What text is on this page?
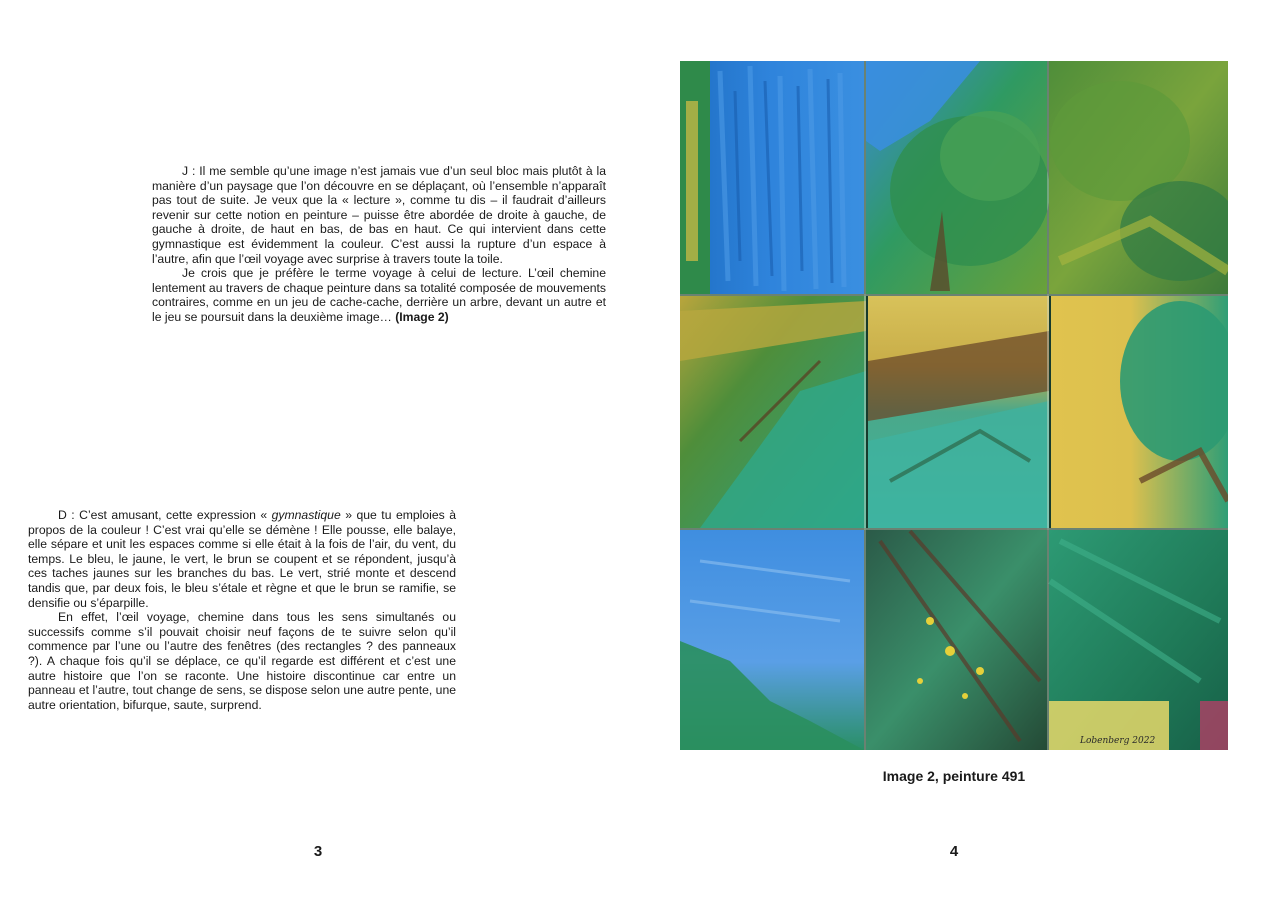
J : Il me semble qu’une image n’est jamais vue d’un seul bloc mais plutôt à la manière d’un paysage que l’on découvre en se déplaçant, où l’ensemble n’apparaît pas tout de suite. Je veux que la « lecture », comme tu dis – il faudrait d’ailleurs revenir sur cette notion en peinture – puisse être abordée de droite à gauche, de gauche à droite, de haut en bas, de bas en haut. Ce qui intervient dans cette gymnastique est évidemment la couleur. C’est aussi la rupture d’un espace à l’autre, afin que l’œil voyage avec surprise à travers toute la toile.

Je crois que je préfère le terme voyage à celui de lecture. L’œil chemine lentement au travers de chaque peinture dans sa totalité composée de mouvements contraires, comme en un jeu de cache-cache, derrière un arbre, devant un autre et le jeu se poursuit dans la deuxième image… (Image 2)

D : C’est amusant, cette expression « gymnastique » que tu emploies à propos de la couleur ! C’est vrai qu’elle se démène ! Elle pousse, elle balaye, elle sépare et unit les espaces comme si elle était à la fois de l’air, du vent, du temps. Le bleu, le jaune, le vert, le brun se coupent et se répondent, jusqu’à ces taches jaunes sur les branches du bas. Le vert, strié monte et descend tandis que, par deux fois, le bleu s’étale et règne et que le brun se ramifie, se densifie ou s’éparpille.

En effet, l’œil voyage, chemine dans tous les sens simultanés ou successifs comme s’il pouvait choisir neuf façons de te suivre selon qu’il commence par l’une ou l’autre des fenêtres (des rectangles ? des panneaux ?). A chaque fois qu’il se déplace, ce qu’il regarde est différent et c’est une autre histoire que l’on se raconte. Une histoire discontinue car entre un panneau et l’autre, tout change de sens, se dispose selon une autre pente, une autre orientation, bifurque, saute, surprend.

3
Lobenberg 2022
Image 2, peinture 491
4
